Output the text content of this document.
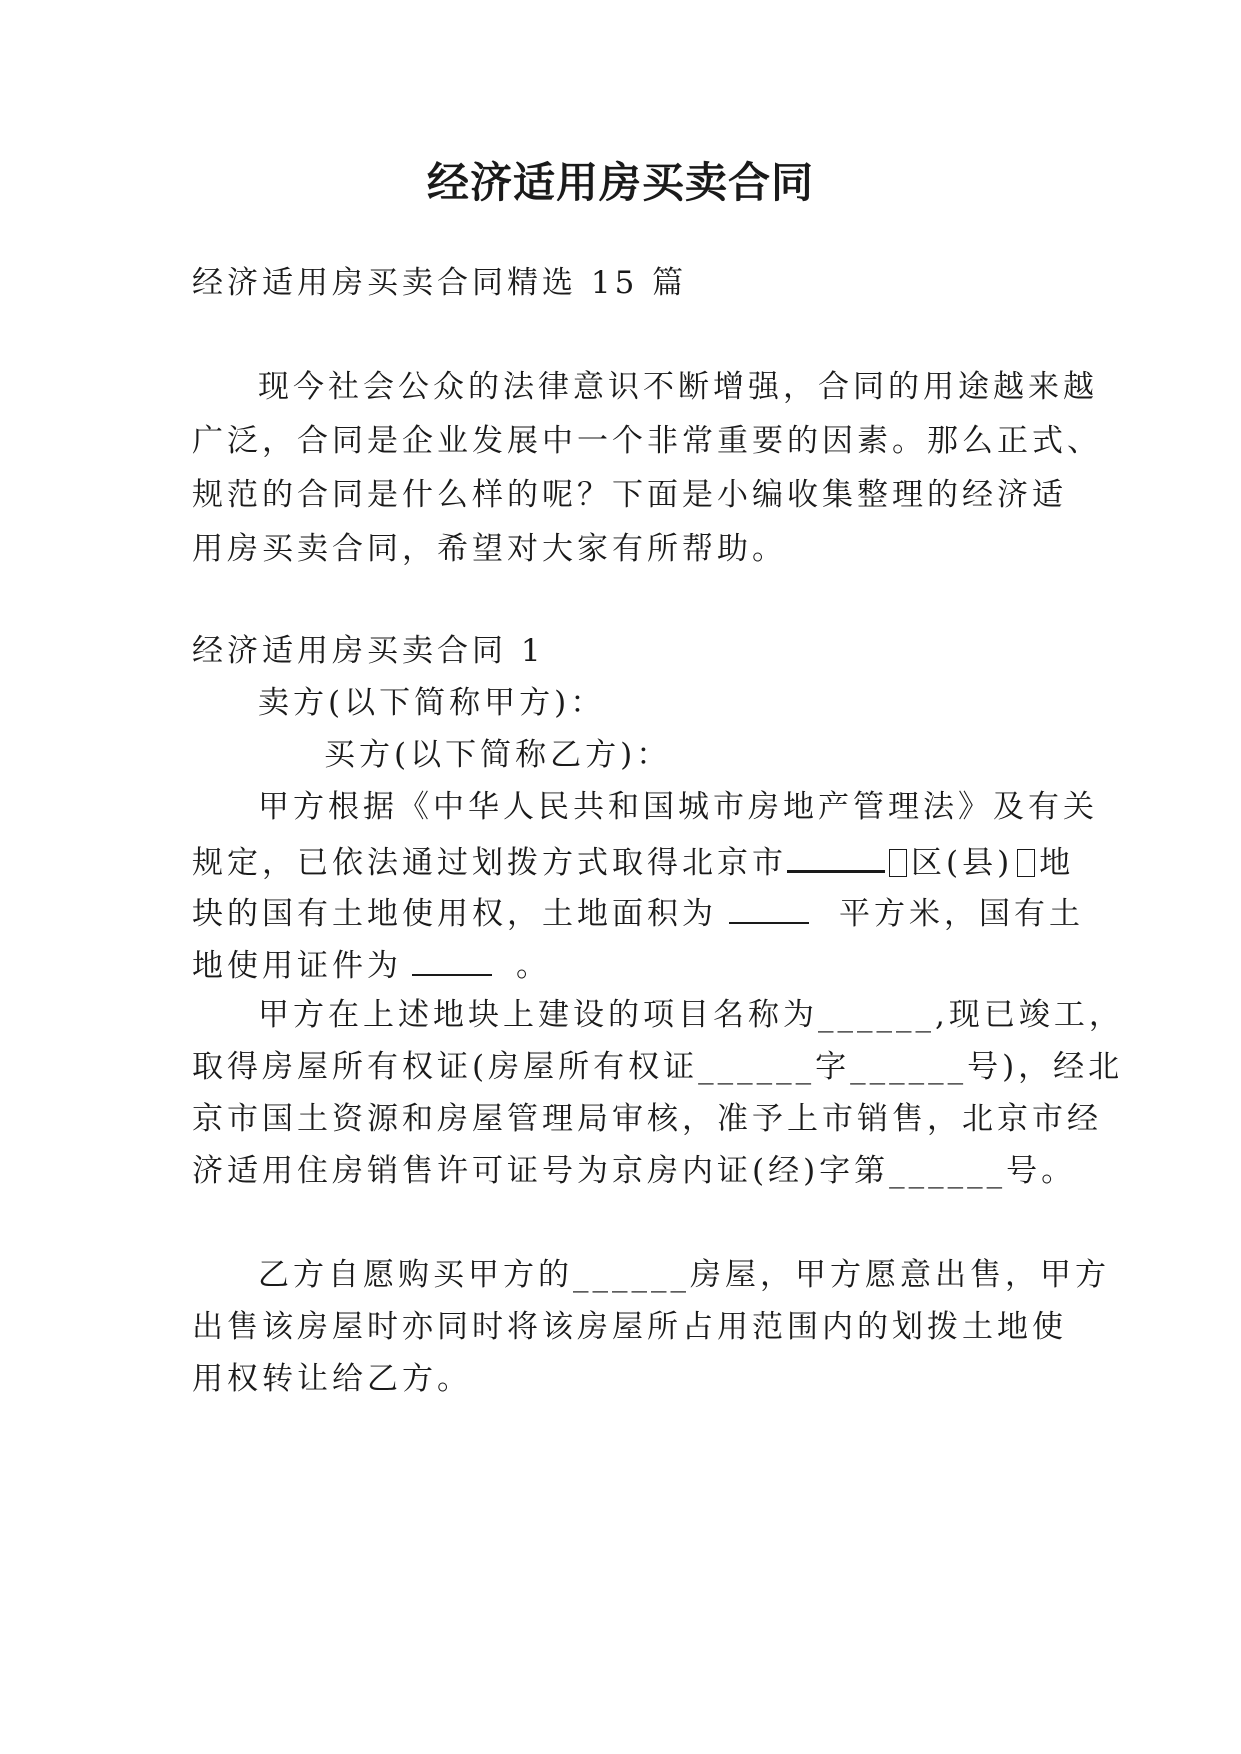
经济适用房买卖合同
经济适用房买卖合同精选 15 篇
现今社会公众的法律意识不断增强，合同的用途越来越
广泛，合同是企业发展中一个非常重要的因素。那么正式、
规范的合同是什么样的呢？下面是小编收集整理的经济适
用房买卖合同，希望对大家有所帮助。
经济适用房买卖合同 1
卖方(以下简称甲方)：
买方(以下简称乙方)：
甲方根据《中华人民共和国城市房地产管理法》及有关
规定，已依法通过划拨方式取得北京市	区(县) 地
块的国有土地使用权，土地面积为	平方米，国有土
地使用证件为	。
甲方在上述地块上建设的项目名称为______,现已竣工，
取得房屋所有权证(房屋所有权证______字______号)，经北
京市国土资源和房屋管理局审核，准予上市销售，北京市经
济适用住房销售许可证号为京房内证(经)字第______号。
乙方自愿购买甲方的______房屋，甲方愿意出售，甲方
出售该房屋时亦同时将该房屋所占用范围内的划拨土地使
用权转让给乙方。
